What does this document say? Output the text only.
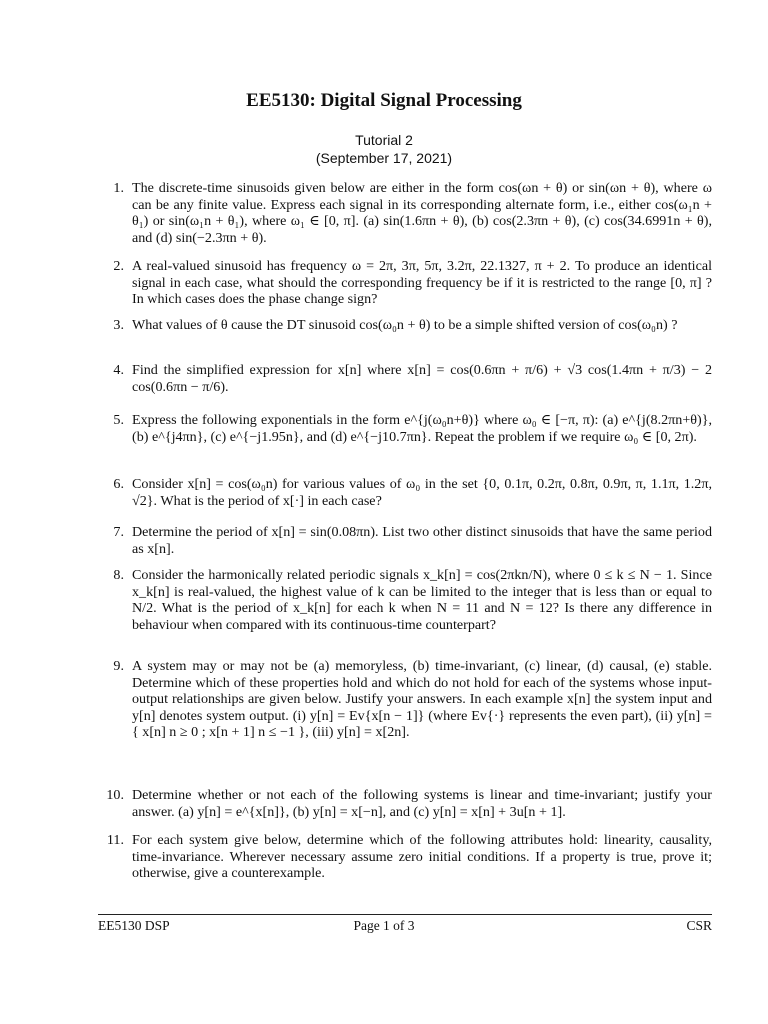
EE5130: Digital Signal Processing
Tutorial 2
(September 17, 2021)
1. The discrete-time sinusoids given below are either in the form cos(ωn + θ) or sin(ωn + θ), where ω can be any finite value. Express each signal in its corresponding alternate form, i.e., either cos(ω₁n + θ₁) or sin(ω₁n + θ₁), where ω₁ ∈ [0, π]. (a) sin(1.6πn + θ), (b) cos(2.3πn + θ), (c) cos(34.6991n + θ), and (d) sin(−2.3πn + θ).
2. A real-valued sinusoid has frequency ω = 2π, 3π, 5π, 3.2π, 22.1327, π + 2. To produce an identical signal in each case, what should the corresponding frequency be if it is restricted to the range [0, π] ? In which cases does the phase change sign?
3. What values of θ cause the DT sinusoid cos(ω₀n + θ) to be a simple shifted version of cos(ω₀n) ?
4. Find the simplified expression for x[n] where x[n] = cos(0.6πn + π/6) + √3 cos(1.4πn + π/3) − 2 cos(0.6πn − π/6).
5. Express the following exponentials in the form e^{j(ω₀n+θ)} where ω₀ ∈ [−π, π): (a) e^{j(8.2πn+θ)}, (b) e^{j4πn}, (c) e^{−j1.95n}, and (d) e^{−j10.7πn}. Repeat the problem if we require ω₀ ∈ [0, 2π).
6. Consider x[n] = cos(ω₀n) for various values of ω₀ in the set {0, 0.1π, 0.2π, 0.8π, 0.9π, π, 1.1π, 1.2π, √2}. What is the period of x[·] in each case?
7. Determine the period of x[n] = sin(0.08πn). List two other distinct sinusoids that have the same period as x[n].
8. Consider the harmonically related periodic signals x_k[n] = cos(2πkn/N), where 0 ≤ k ≤ N − 1. Since x_k[n] is real-valued, the highest value of k can be limited to the integer that is less than or equal to N/2. What is the period of x_k[n] for each k when N = 11 and N = 12? Is there any difference in behaviour when compared with its continuous-time counterpart?
9. A system may or may not be (a) memoryless, (b) time-invariant, (c) linear, (d) causal, (e) stable. Determine which of these properties hold and which do not hold for each of the systems whose input-output relationships are given below. Justify your answers. In each example x[n] the system input and y[n] denotes system output. (i) y[n] = Ev{x[n − 1]} (where Ev{·} represents the even part), (ii) y[n] = { x[n] n ≥ 0 ; x[n + 1] n ≤ −1 }, (iii) y[n] = x[2n].
10. Determine whether or not each of the following systems is linear and time-invariant; justify your answer. (a) y[n] = e^{x[n]}, (b) y[n] = x[−n], and (c) y[n] = x[n] + 3u[n + 1].
11. For each system give below, determine which of the following attributes hold: linearity, causality, time-invariance. Wherever necessary assume zero initial conditions. If a property is true, prove it; otherwise, give a counterexample.
EE5130 DSP	Page 1 of 3	CSR
